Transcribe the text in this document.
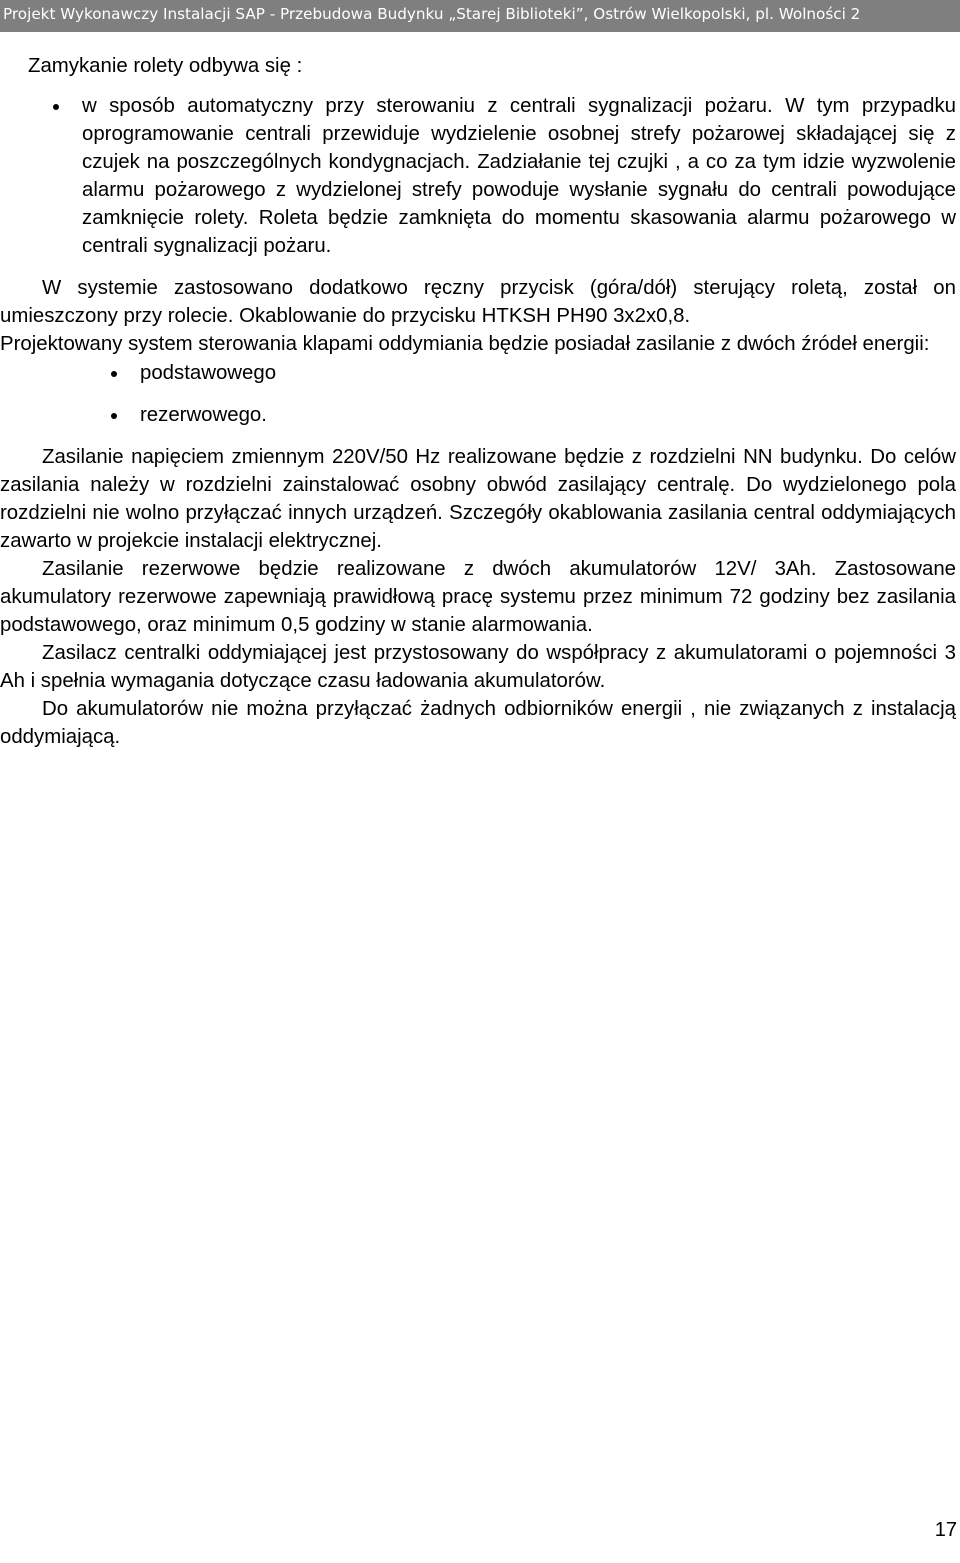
Projekt Wykonawczy Instalacji SAP - Przebudowa Budynku „Starej Biblioteki”, Ostrów Wielkopolski, pl. Wolności 2

Zamykanie rolety odbywa się :

w sposób automatyczny przy sterowaniu z centrali sygnalizacji pożaru. W tym przypadku oprogramowanie centrali przewiduje wydzielenie osobnej strefy pożarowej składającej się z czujek na poszczególnych kondygnacjach. Zadziałanie tej czujki , a co za tym idzie wyzwolenie alarmu pożarowego z wydzielonej strefy powoduje wysłanie sygnału do centrali powodujące zamknięcie rolety. Roleta będzie zamknięta do momentu skasowania alarmu pożarowego w centrali sygnalizacji pożaru.

W systemie zastosowano dodatkowo ręczny przycisk (góra/dół) sterujący roletą, został on umieszczony przy rolecie. Okablowanie do przycisku HTKSH PH90 3x2x0,8.

Projektowany system sterowania klapami oddymiania będzie posiadał zasilanie z dwóch źródeł energii:

podstawowego
rezerwowego.

Zasilanie napięciem zmiennym 220V/50 Hz realizowane będzie z rozdzielni NN budynku. Do celów zasilania należy w rozdzielni zainstalować osobny obwód zasilający centralę. Do wydzielonego pola rozdzielni nie wolno przyłączać innych urządzeń. Szczegóły okablowania zasilania central oddymiających zawarto w projekcie instalacji elektrycznej.

Zasilanie rezerwowe będzie realizowane z dwóch akumulatorów 12V/ 3Ah. Zastosowane akumulatory rezerwowe zapewniają prawidłową pracę systemu przez minimum 72 godziny bez zasilania podstawowego, oraz minimum 0,5 godziny w stanie alarmowania.

Zasilacz centralki oddymiającej jest przystosowany do współpracy z akumulatorami o pojemności 3 Ah i spełnia wymagania dotyczące czasu ładowania akumulatorów.

Do akumulatorów nie można przyłączać żadnych odbiorników energii , nie związanych z instalacją oddymiającą.

17
